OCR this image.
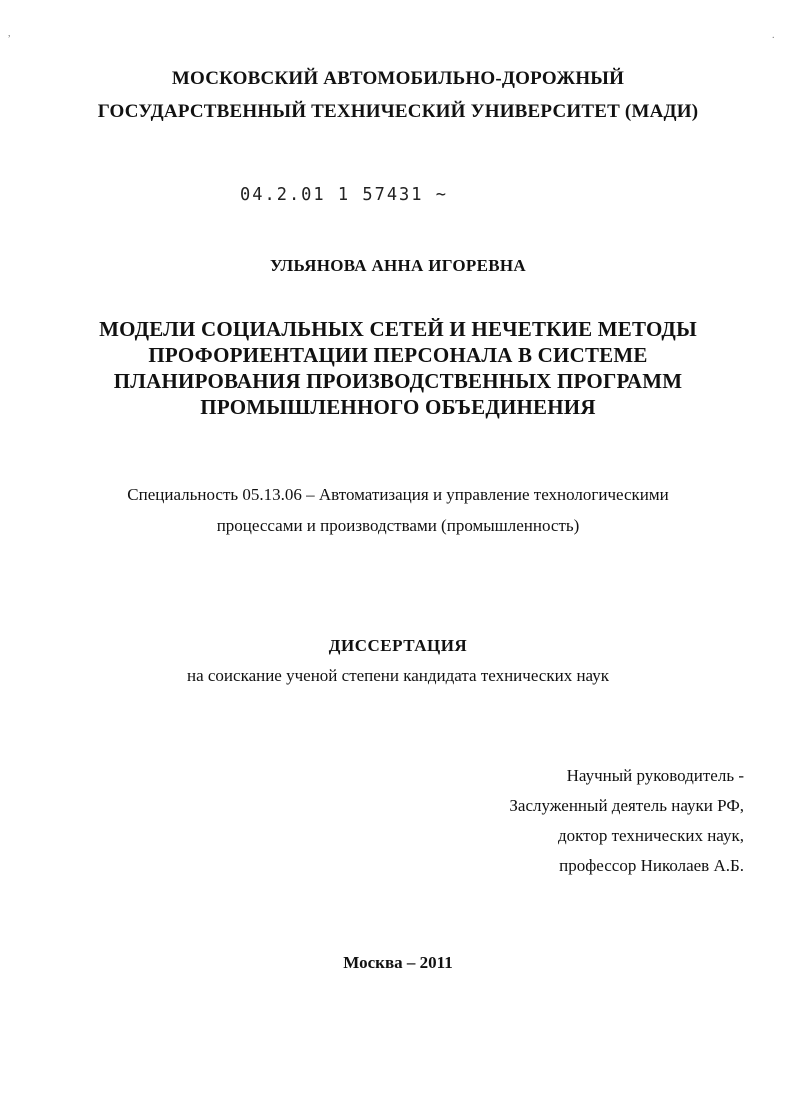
,	.
МОСКОВСКИЙ АВТОМОБИЛЬНО-ДОРОЖНЫЙ
ГОСУДАРСТВЕННЫЙ ТЕХНИЧЕСКИЙ УНИВЕРСИТЕТ (МАДИ)
04.2.01 1 57431 ~
УЛЬЯНОВА АННА ИГОРЕВНА
МОДЕЛИ СОЦИАЛЬНЫХ СЕТЕЙ И НЕЧЕТКИЕ МЕТОДЫ
ПРОФОРИЕНТАЦИИ ПЕРСОНАЛА В СИСТЕМЕ
ПЛАНИРОВАНИЯ ПРОИЗВОДСТВЕННЫХ ПРОГРАММ
ПРОМЫШЛЕННОГО ОБЪЕДИНЕНИЯ
Специальность 05.13.06 – Автоматизация и управление технологическими
процессами и производствами (промышленность)
ДИССЕРТАЦИЯ
на соискание ученой степени кандидата технических наук
Научный руководитель -
Заслуженный деятель науки РФ,
доктор технических наук,
профессор Николаев А.Б.
Москва – 2011
